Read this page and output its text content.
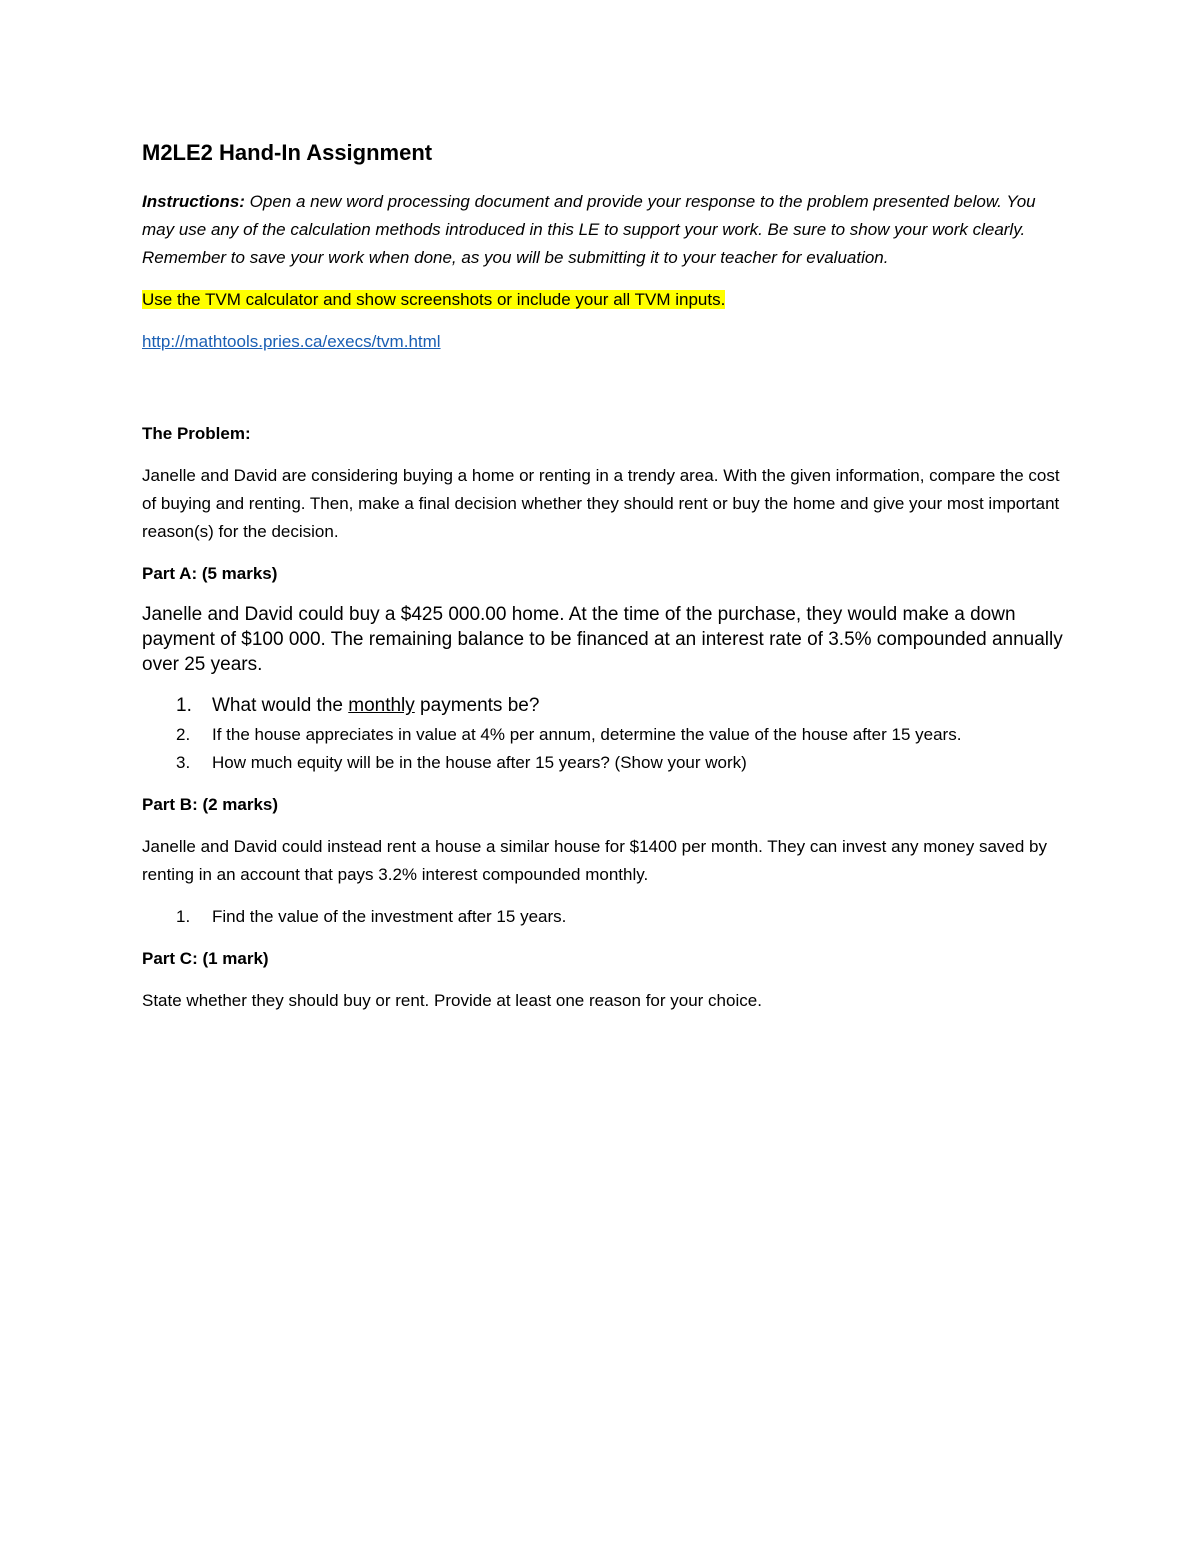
M2LE2 Hand-In Assignment

Instructions: Open a new word processing document and provide your response to the problem presented below. You may use any of the calculation methods introduced in this LE to support your work. Be sure to show your work clearly. Remember to save your work when done, as you will be submitting it to your teacher for evaluation.

Use the TVM calculator and show screenshots or include your all TVM inputs.

http://mathtools.pries.ca/execs/tvm.html

The Problem:

Janelle and David are considering buying a home or renting in a trendy area. With the given information, compare the cost of buying and renting. Then, make a final decision whether they should rent or buy the home and give your most important reason(s) for the decision.

Part A: (5 marks)

Janelle and David could buy a $425 000.00 home. At the time of the purchase, they would make a down payment of $100 000. The remaining balance to be financed at an interest rate of 3.5% compounded annually over 25 years.

1. What would the monthly payments be?
2. If the house appreciates in value at 4% per annum, determine the value of the house after 15 years.
3. How much equity will be in the house after 15 years? (Show your work)
Part B: (2 marks)

Janelle and David could instead rent a house a similar house for $1400 per month. They can invest any money saved by renting in an account that pays 3.2% interest compounded monthly.

1. Find the value of the investment after 15 years.
Part C: (1 mark)

State whether they should buy or rent. Provide at least one reason for your choice.
